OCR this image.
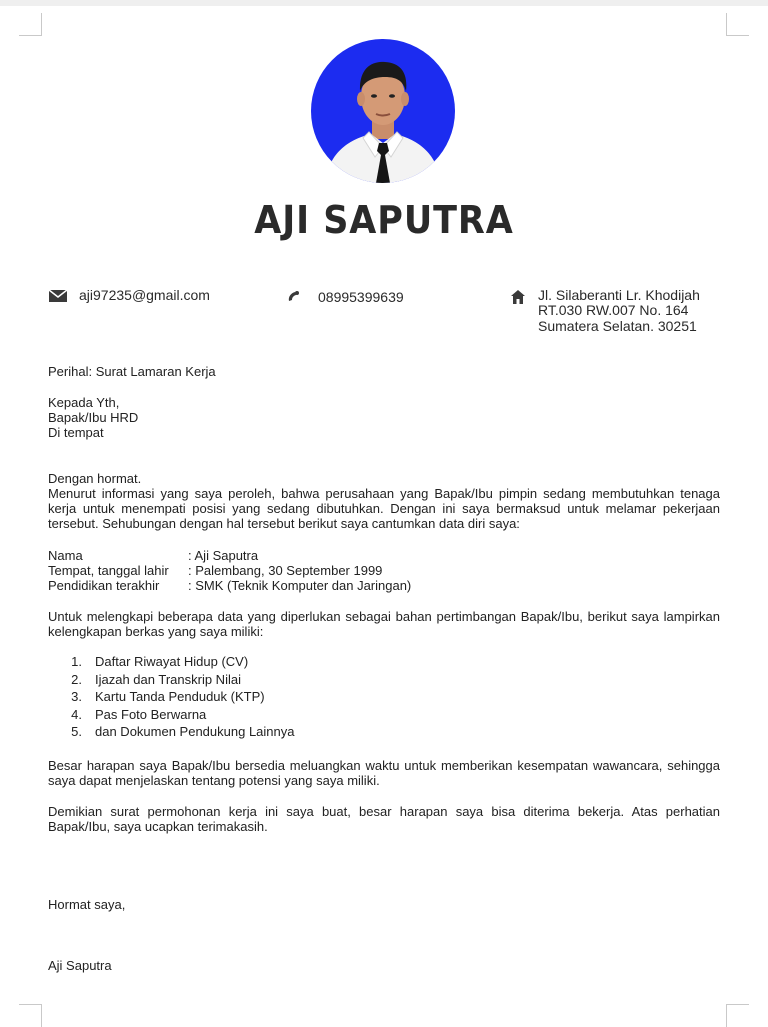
AJI SAPUTRA
aji97235@gmail.com	08995399639	Jl. Silaberanti Lr. Khodijah
RT.030 RW.007 No. 164
Sumatera Selatan. 30251

Perihal: Surat Lamaran Kerja

Kepada Yth,

Bapak/Ibu HRD

Di tempat

Dengan hormat.

Menurut informasi yang saya peroleh, bahwa perusahaan yang Bapak/Ibu pimpin sedang membutuhkan tenaga kerja untuk menempati posisi yang sedang dibutuhkan. Dengan ini saya bermaksud untuk melamar pekerjaan tersebut. Sehubungan dengan hal tersebut berikut saya cantumkan data diri saya:

Nama	: Aji Saputra
Tempat, tanggal lahir : Palembang, 30 September 1999
Pendidikan terakhir : SMK (Teknik Komputer dan Jaringan)

Untuk melengkapi beberapa data yang diperlukan sebagai bahan pertimbangan Bapak/Ibu, berikut saya lampirkan kelengkapan berkas yang saya miliki:

1. Daftar Riwayat Hidup (CV)
2. Ijazah dan Transkrip Nilai
3. Kartu Tanda Penduduk (KTP)
4. Pas Foto Berwarna
5. dan Dokumen Pendukung Lainnya

Besar harapan saya Bapak/Ibu bersedia meluangkan waktu untuk memberikan kesempatan wawancara, sehingga saya dapat menjelaskan tentang potensi yang saya miliki.

Demikian surat permohonan kerja ini saya buat, besar harapan saya bisa diterima bekerja. Atas perhatian Bapak/Ibu, saya ucapkan terimakasih.

Hormat saya,

Aji Saputra
